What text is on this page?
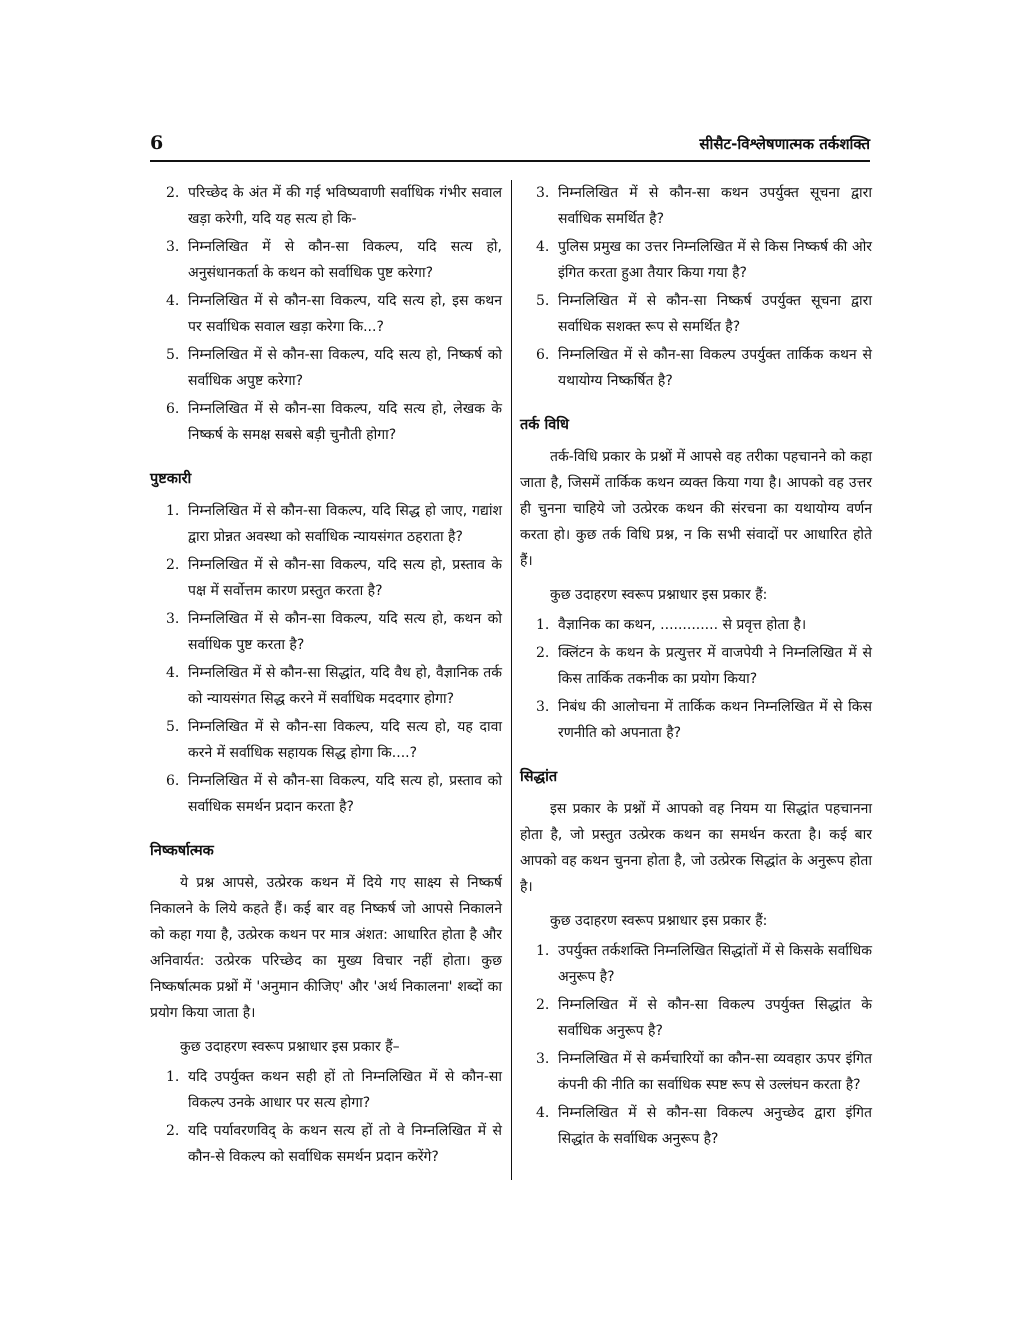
6	सीसैट-विश्लेषणात्मक तर्कशक्ति
2. परिच्छेद के अंत में की गई भविष्यवाणी सर्वाधिक गंभीर सवाल खड़ा करेगी, यदि यह सत्य हो कि-
3. निम्नलिखित में से कौन-सा विकल्प, यदि सत्य हो, अनुसंधानकर्ता के कथन को सर्वाधिक पुष्ट करेगा?
4. निम्नलिखित में से कौन-सा विकल्प, यदि सत्य हो, इस कथन पर सर्वाधिक सवाल खड़ा करेगा कि...?
5. निम्नलिखित में से कौन-सा विकल्प, यदि सत्य हो, निष्कर्ष को सर्वाधिक अपुष्ट करेगा?
6. निम्नलिखित में से कौन-सा विकल्प, यदि सत्य हो, लेखक के निष्कर्ष के समक्ष सबसे बड़ी चुनौती होगा?
पुष्टकारी
1. निम्नलिखित में से कौन-सा विकल्प, यदि सिद्ध हो जाए, गद्यांश द्वारा प्रोन्नत अवस्था को सर्वाधिक न्यायसंगत ठहराता है?
2. निम्नलिखित में से कौन-सा विकल्प, यदि सत्य हो, प्रस्ताव के पक्ष में सर्वोत्तम कारण प्रस्तुत करता है?
3. निम्नलिखित में से कौन-सा विकल्प, यदि सत्य हो, कथन को सर्वाधिक पुष्ट करता है?
4. निम्नलिखित में से कौन-सा सिद्धांत, यदि वैध हो, वैज्ञानिक तर्क को न्यायसंगत सिद्ध करने में सर्वाधिक मददगार होगा?
5. निम्नलिखित में से कौन-सा विकल्प, यदि सत्य हो, यह दावा करने में सर्वाधिक सहायक सिद्ध होगा कि....?
6. निम्नलिखित में से कौन-सा विकल्प, यदि सत्य हो, प्रस्ताव को सर्वाधिक समर्थन प्रदान करता है?
निष्कर्षात्मक

ये प्रश्न आपसे, उत्प्रेरक कथन में दिये गए साक्ष्य से निष्कर्ष निकालने के लिये कहते हैं। कई बार वह निष्कर्ष जो आपसे निकालने को कहा गया है, उत्प्रेरक कथन पर मात्र अंशत: आधारित होता है और अनिवार्यत: उत्प्रेरक परिच्छेद का मुख्य विचार नहीं होता। कुछ निष्कर्षात्मक प्रश्नों में 'अनुमान कीजिए' और 'अर्थ निकालना' शब्दों का प्रयोग किया जाता है।

कुछ उदाहरण स्वरूप प्रश्नाधार इस प्रकार हैं–

1. यदि उपर्युक्त कथन सही हों तो निम्नलिखित में से कौन-सा विकल्प उनके आधार पर सत्य होगा?
2. यदि पर्यावरणविद् के कथन सत्य हों तो वे निम्नलिखित में से कौन-से विकल्प को सर्वाधिक समर्थन प्रदान करेंगे?
3. निम्नलिखित में से कौन-सा कथन उपर्युक्त सूचना द्वारा सर्वाधिक समर्थित है?
4. पुलिस प्रमुख का उत्तर निम्नलिखित में से किस निष्कर्ष की ओर इंगित करता हुआ तैयार किया गया है?
5. निम्नलिखित में से कौन-सा निष्कर्ष उपर्युक्त सूचना द्वारा सर्वाधिक सशक्त रूप से समर्थित है?
6. निम्नलिखित में से कौन-सा विकल्प उपर्युक्त तार्किक कथन से यथायोग्य निष्कर्षित है?
तर्क विधि

तर्क-विधि प्रकार के प्रश्नों में आपसे वह तरीका पहचानने को कहा जाता है, जिसमें तार्किक कथन व्यक्त किया गया है। आपको वह उत्तर ही चुनना चाहिये जो उत्प्रेरक कथन की संरचना का यथायोग्य वर्णन करता हो। कुछ तर्क विधि प्रश्न, न कि सभी संवादों पर आधारित होते हैं।

कुछ उदाहरण स्वरूप प्रश्नाधार इस प्रकार हैं:

1. वैज्ञानिक का कथन, ............. से प्रवृत्त होता है।
2. क्लिंटन के कथन के प्रत्युत्तर में वाजपेयी ने निम्नलिखित में से किस तार्किक तकनीक का प्रयोग किया?
3. निबंध की आलोचना में तार्किक कथन निम्नलिखित में से किस रणनीति को अपनाता है?
सिद्धांत

इस प्रकार के प्रश्नों में आपको वह नियम या सिद्धांत पहचानना होता है, जो प्रस्तुत उत्प्रेरक कथन का समर्थन करता है। कई बार आपको वह कथन चुनना होता है, जो उत्प्रेरक सिद्धांत के अनुरूप होता है।

कुछ उदाहरण स्वरूप प्रश्नाधार इस प्रकार हैं:

1. उपर्युक्त तर्कशक्ति निम्नलिखित सिद्धांतों में से किसके सर्वाधिक अनुरूप है?
2. निम्नलिखित में से कौन-सा विकल्प उपर्युक्त सिद्धांत के सर्वाधिक अनुरूप है?
3. निम्नलिखित में से कर्मचारियों का कौन-सा व्यवहार ऊपर इंगित कंपनी की नीति का सर्वाधिक स्पष्ट रूप से उल्लंघन करता है?
4. निम्नलिखित में से कौन-सा विकल्प अनुच्छेद द्वारा इंगित सिद्धांत के सर्वाधिक अनुरूप है?
